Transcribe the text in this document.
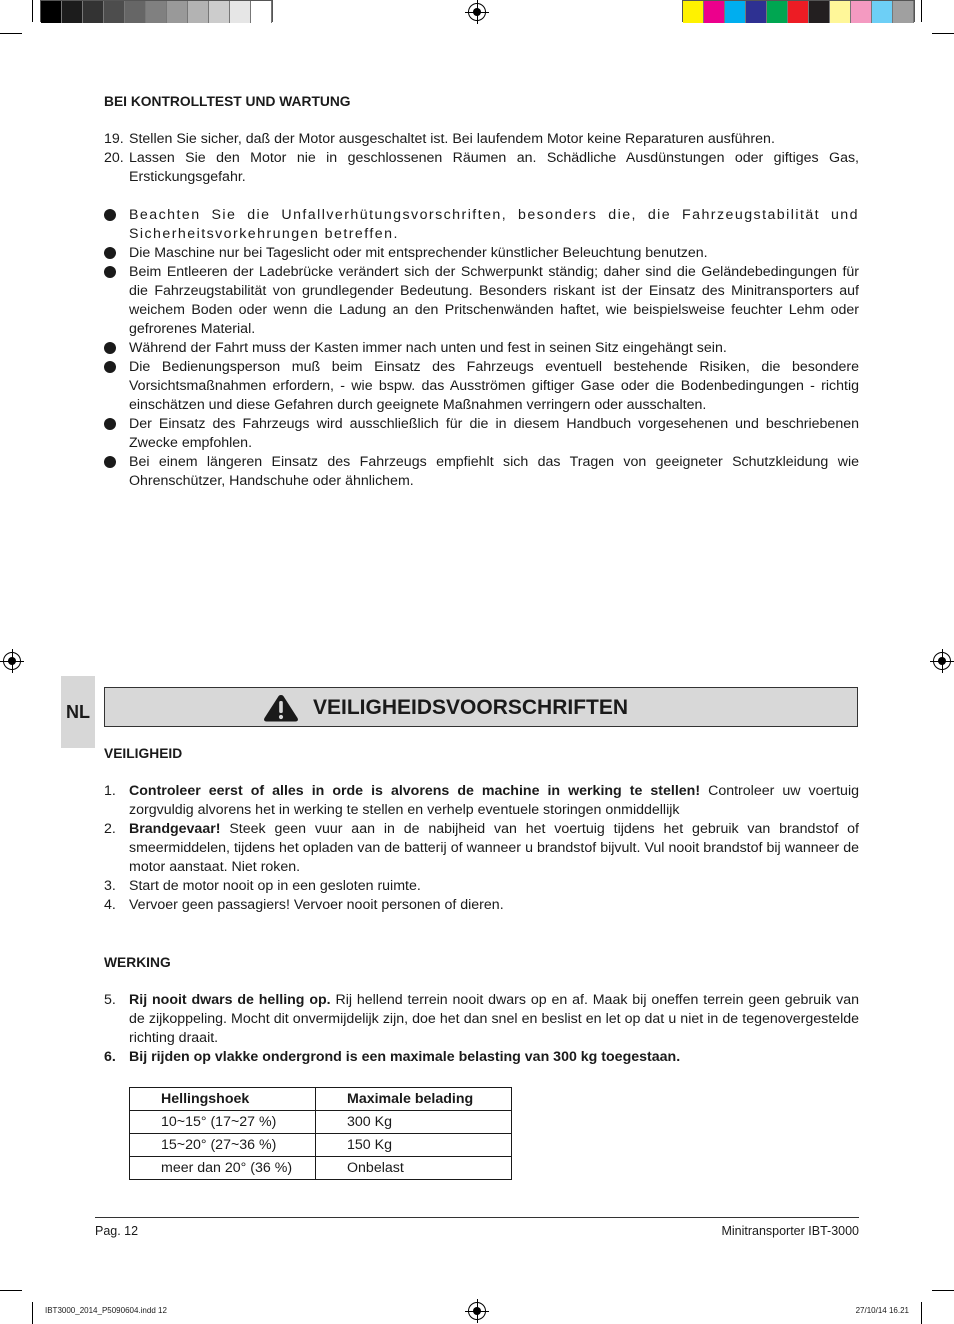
BEI KONTROLLTEST UND WARTUNG
19. Stellen Sie sicher, daß der Motor ausgeschaltet ist. Bei laufendem Motor keine Reparaturen ausführen.
20. Lassen Sie den Motor nie in geschlossenen Räumen an. Schädliche Ausdünstungen oder giftiges Gas, Erstickungsgefahr.
Beachten Sie die Unfallverhütungsvorschriften, besonders die, die Fahrzeugstabilität und Sicherheitsvorkehrungen betreffen.
Die Maschine nur bei Tageslicht oder mit entsprechender künstlicher Beleuchtung benutzen.
Beim Entleeren der Ladebrücke verändert sich der Schwerpunkt ständig; daher sind die Geländebedingungen für die Fahrzeugstabilität von grundlegender Bedeutung. Besonders riskant ist der Einsatz des Minitransporters auf weichem Boden oder wenn die Ladung an den Pritschenwänden haftet, wie beispielsweise feuchter Lehm oder gefrorenes Material.
Während der Fahrt muss der Kasten immer nach unten und fest in seinen Sitz eingehängt sein.
Die Bedienungsperson muß beim Einsatz des Fahrzeugs eventuell bestehende Risiken, die besondere Vorsichtsmaßnahmen erfordern, - wie bspw. das Ausströmen giftiger Gase oder die Bodenbedingungen - richtig einschätzen und diese Gefahren durch geeignete Maßnahmen verringern oder ausschalten.
Der Einsatz des Fahrzeugs wird ausschließlich für die in diesem Handbuch vorgesehenen und beschriebenen Zwecke empfohlen.
Bei einem längeren Einsatz des Fahrzeugs empfiehlt sich das Tragen von geeigneter Schutzkleidung wie Ohrenschützer, Handschuhe oder ähnlichem.
NL	VEILIGHEIDSVOORSCHRIFTEN
VEILIGHEID
1. Controleer eerst of alles in orde is alvorens de machine in werking te stellen! Controleer uw voertuig zorgvuldig alvorens het in werking te stellen en verhelp eventuele storingen onmiddellijk
2. Brandgevaar! Steek geen vuur aan in de nabijheid van het voertuig tijdens het gebruik van brandstof of smeermiddelen, tijdens het opladen van de batterij of wanneer u brandstof bijvult. Vul nooit brandstof bij wanneer de motor aanstaat. Niet roken.
3. Start de motor nooit op in een gesloten ruimte.
4. Vervoer geen passagiers! Vervoer nooit personen of dieren.
WERKING
5. Rij nooit dwars de helling op. Rij hellend terrein nooit dwars op en af. Maak bij oneffen terrein geen gebruik van de zijkoppeling. Mocht dit onvermijdelijk zijn, doe het dan snel en beslist en let op dat u niet in de tegenovergestelde richting draait.
6. Bij rijden op vlakke ondergrond is een maximale belasting van 300 kg toegestaan.
Hellingshoek	Maximale belading
10~15° (17~27 %)	300 Kg
15~20° (27~36 %)	150 Kg
meer dan 20° (36 %)	Onbelast
Pag. 12	Minitransporter IBT-3000
IBT3000_2014_P5090604.indd 12	27/10/14 16.21
